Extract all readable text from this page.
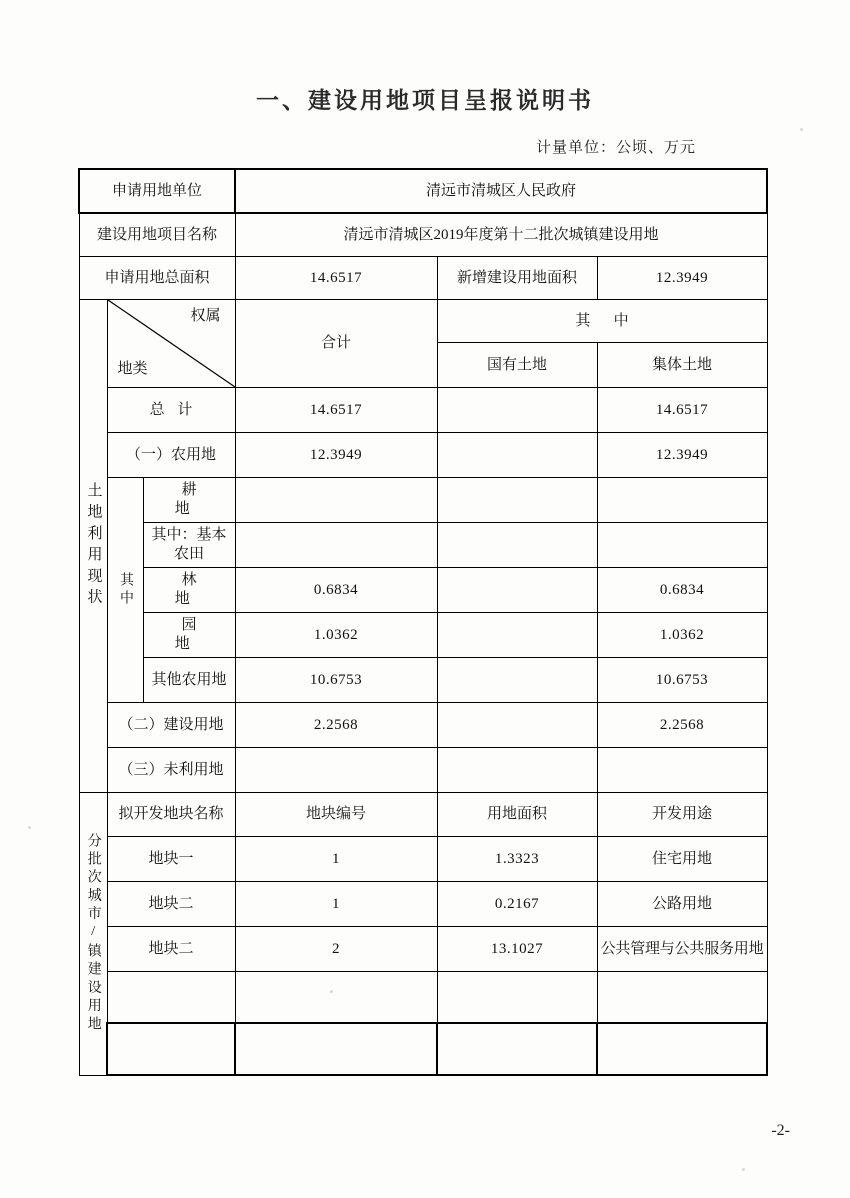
一、建设用地项目呈报说明书
计量单位：公顷、万元
申请用地单位			清远市清城区人民政府		
建设用地项目名称			清远市清城区2019年度第十二批次城镇建设用地		
申请用地总面积			14.6517	新增建设用地面积	12.3949

土地利用现状	权属
地类		合计	其 中	
				国有土地	集体土地
	总 计		14.6517		14.6517
	（一）农用地		12.3949		12.3949

	其中	耕 地			
		其中：基本农田			
		林 地	0.6834		0.6834
		园 地	1.0362		1.0362
		其他农用地	10.6753		10.6753
	（二）建设用地		2.2568		2.2568
	（三）未利用地				

分批次城市/镇建设用地	拟开发地块名称		地块编号	用地面积	开发用途
	地块一		1	1.3323	住宅用地
	地块二		1	0.2167	公路用地
	地块二		2	13.1027	公共管理与公共服务用地

-2-
